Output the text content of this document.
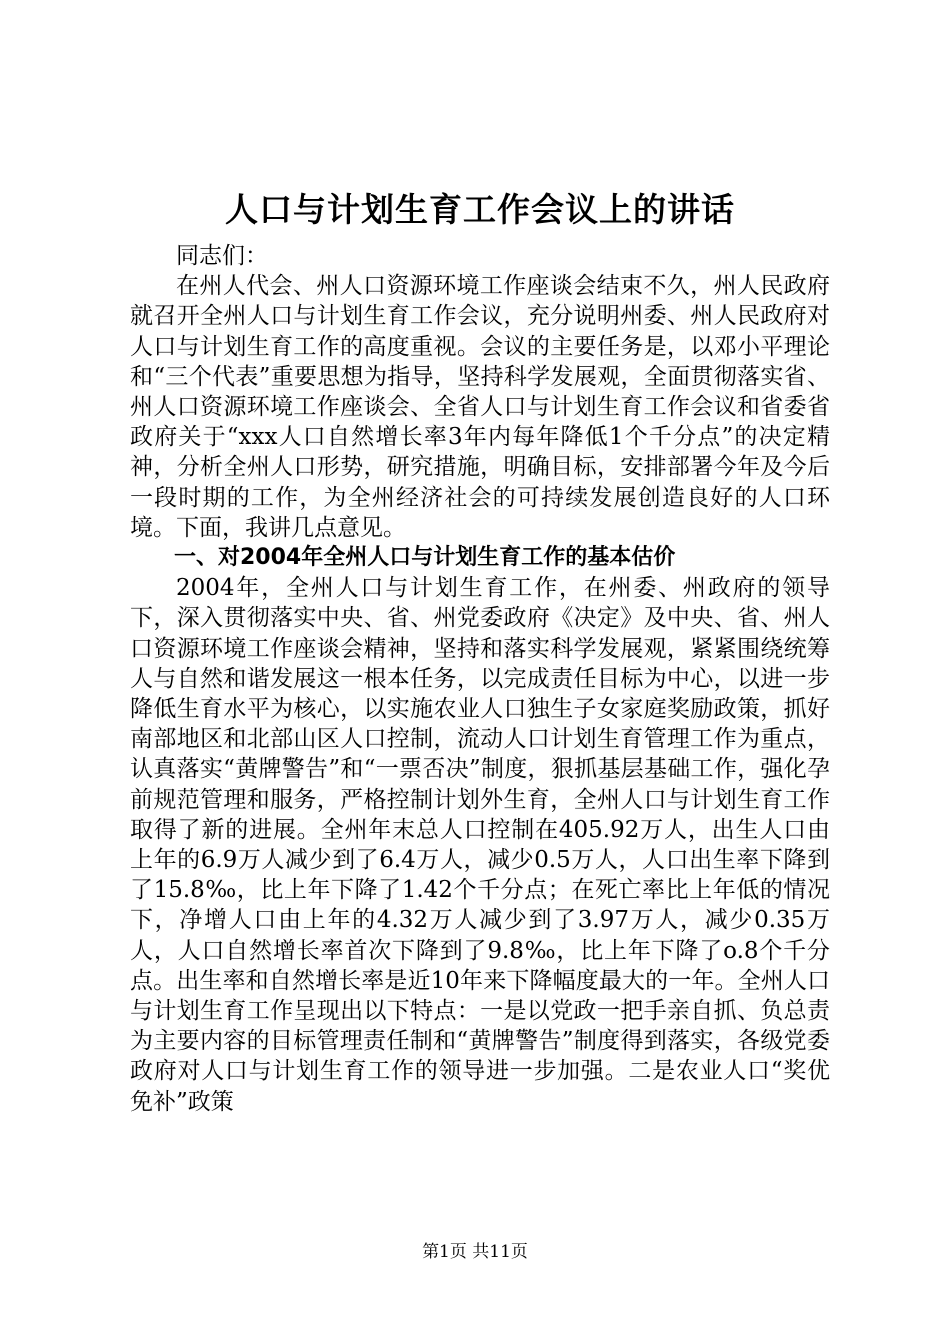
人口与计划生育工作会议上的讲话

同志们：

在州人代会、州人口资源环境工作座谈会结束不久，州人民政府就召开全州人口与计划生育工作会议，充分说明州委、州人民政府对人口与计划生育工作的高度重视。会议的主要任务是，以邓小平理论和“三个代表”重要思想为指导，坚持科学发展观，全面贯彻落实省、州人口资源环境工作座谈会、全省人口与计划生育工作会议和省委省政府关于“xxx人口自然增长率3年内每年降低1个千分点”的决定精神，分析全州人口形势，研究措施，明确目标，安排部署今年及今后一段时期的工作，为全州经济社会的可持续发展创造良好的人口环境。下面，我讲几点意见。

一、对2004年全州人口与计划生育工作的基本估价

2004年，全州人口与计划生育工作，在州委、州政府的领导下，深入贯彻落实中央、省、州党委政府《决定》及中央、省、州人口资源环境工作座谈会精神，坚持和落实科学发展观，紧紧围绕统筹人与自然和谐发展这一根本任务，以完成责任目标为中心，以进一步降低生育水平为核心，以实施农业人口独生子女家庭奖励政策，抓好南部地区和北部山区人口控制，流动人口计划生育管理工作为重点，认真落实“黄牌警告”和“一票否决”制度，狠抓基层基础工作，强化孕前规范管理和服务，严格控制计划外生育，全州人口与计划生育工作取得了新的进展。全州年末总人口控制在405.92万人，出生人口由上年的6.9万人减少到了6.4万人，减少0.5万人，人口出生率下降到了15.8‰，比上年下降了1.42个千分点；在死亡率比上年低的情况下，净增人口由上年的4.32万人减少到了3.97万人，减少0.35万人，人口自然增长率首次下降到了9.8‰，比上年下降了o.8个千分点。出生率和自然增长率是近10年来下降幅度最大的一年。全州人口与计划生育工作呈现出以下特点：一是以党政一把手亲自抓、负总责为主要内容的目标管理责任制和“黄牌警告”制度得到落实，各级党委政府对人口与计划生育工作的领导进一步加强。二是农业人口“奖优免补”政策

第1页 共11页
